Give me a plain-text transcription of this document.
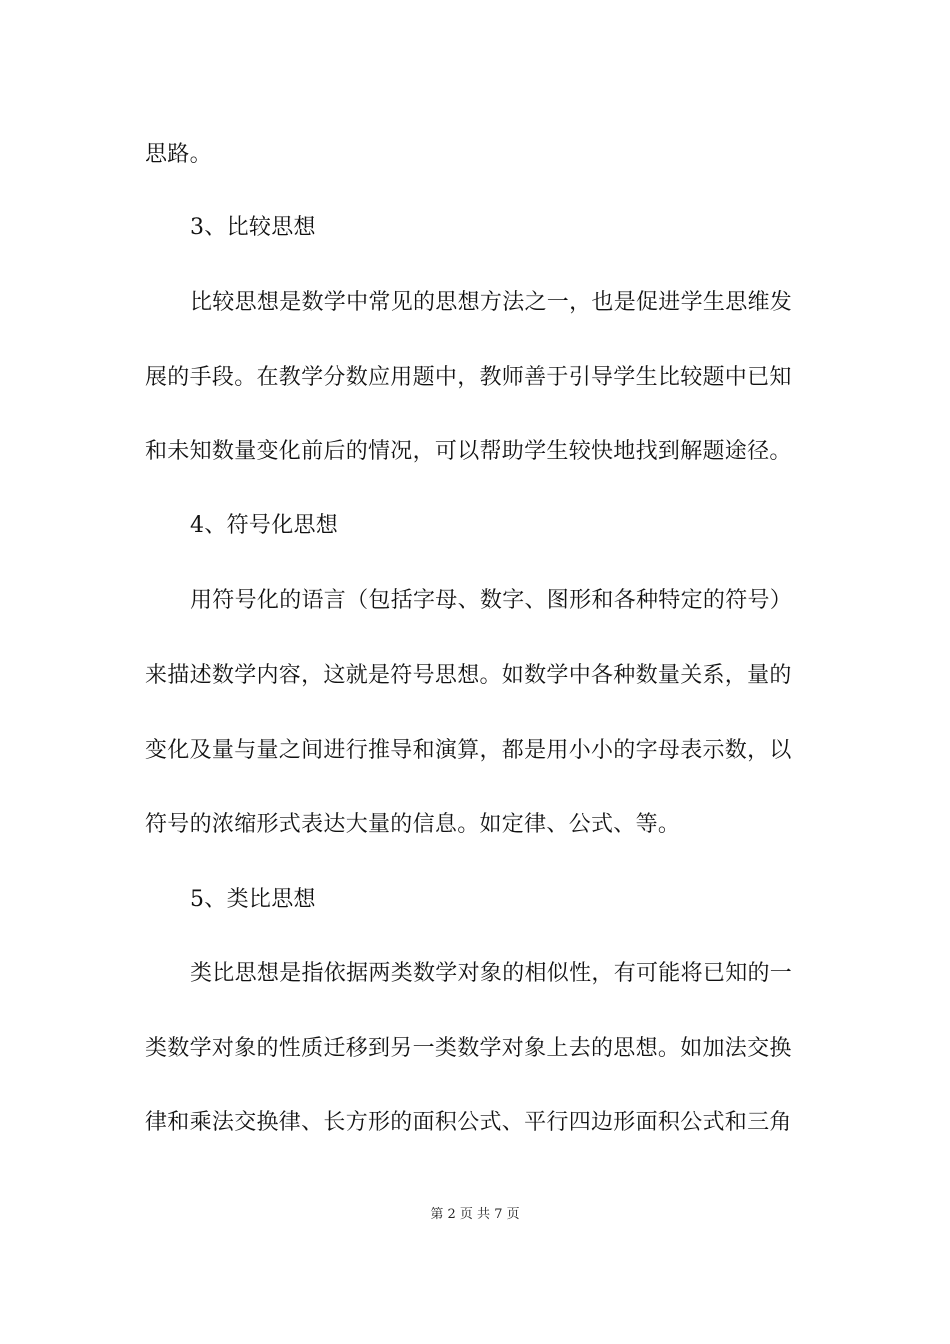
思路。
3、比较思想
比较思想是数学中常见的思想方法之一，也是促进学生思维发
展的手段。在教学分数应用题中，教师善于引导学生比较题中已知
和未知数量变化前后的情况，可以帮助学生较快地找到解题途径。
4、符号化思想
用符号化的语言（包括字母、数字、图形和各种特定的符号）
来描述数学内容，这就是符号思想。如数学中各种数量关系，量的
变化及量与量之间进行推导和演算，都是用小小的字母表示数，以
符号的浓缩形式表达大量的信息。如定律、公式、等。
5、类比思想
类比思想是指依据两类数学对象的相似性，有可能将已知的一
类数学对象的性质迁移到另一类数学对象上去的思想。如加法交换
律和乘法交换律、长方形的面积公式、平行四边形面积公式和三角
第 2 页 共 7 页
